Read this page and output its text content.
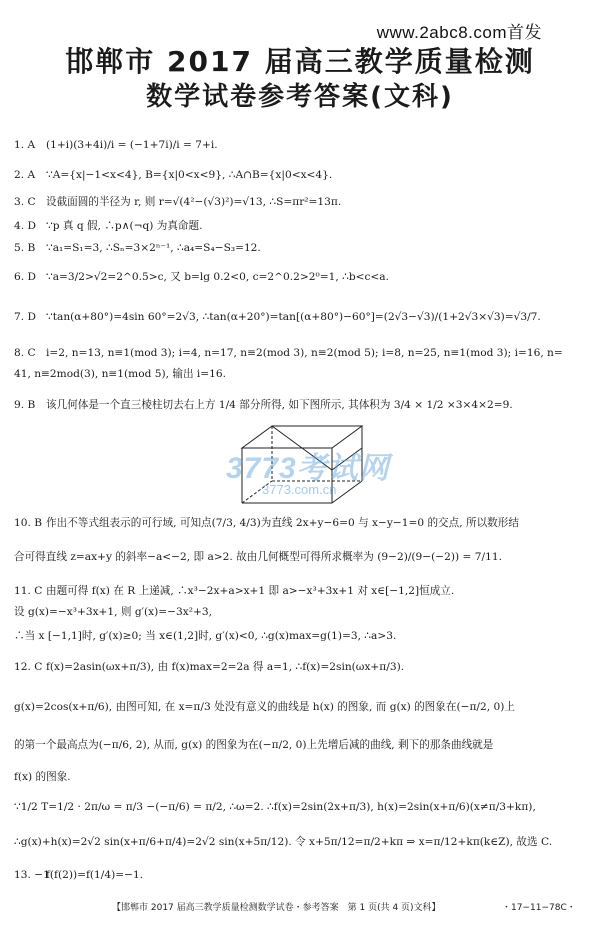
www.2abc8.com首发
邯郸市 2017 届高三教学质量检测
数学试卷参考答案(文科)
1. A (1+i)(3+4i)/i = (−1+7i)/i = 7+i.
2. A ∵A={x|−1<x<4}, B={x|0<x<9}, ∴A∩B={x|0<x<4}.
3. C 设截面圆的半径为 r, 则 r=√(4²−(√3)²)=√13, ∴S=πr²=13π.
4. D ∵p 真 q 假, ∴p∧(¬q) 为真命题.
5. B ∵a₁=S₁=3, ∴Sₙ=3×2ⁿ⁻¹, ∴a₄=S₄−S₃=12.
6. D ∵a=3/2>√2=2^0.5>c, 又 b=lg 0.2<0, c=2^0.2>2⁰=1, ∴b<c<a.
7. D ∵tan(α+80°)=4sin 60°=2√3, ∴tan(α+20°)=tan[(α+80°)−60°]=(2√3−√3)/(1+2√3×√3)=√3/7.
8. C i=2, n=13, n≡1(mod 3); i=4, n=17, n≡2(mod 3), n≡2(mod 5); i=8, n=25, n≡1(mod 3); i=16, n=
41, n≡2mod(3), n≡1(mod 5), 输出 i=16.
9. B 该几何体是一个直三棱柱切去右上方 1/4 部分所得, 如下图所示, 其体积为 3/4 × 1/2 ×3×4×2=9.
3773考试网
3773.com.cn
10. B 作出不等式组表示的可行域, 可知点(7/3, 4/3)为直线 2x+y−6=0 与 x−y−1=0 的交点, 所以数形结
合可得直线 z=ax+y 的斜率−a<−2, 即 a>2. 故由几何概型可得所求概率为 (9−2)/(9−(−2)) = 7/11.
11. C 由题可得 f(x) 在 R 上递减, ∴x³−2x+a>x+1 即 a>−x³+3x+1 对 x∈[−1,2]恒成立.
设 g(x)=−x³+3x+1, 则 g′(x)=−3x²+3,
∴当 x [−1,1]时, g′(x)≥0; 当 x∈(1,2]时, g′(x)<0, ∴g(x)max=g(1)=3, ∴a>3.
12. C f(x)=2asin(ωx+π/3), 由 f(x)max=2=2a 得 a=1, ∴f(x)=2sin(ωx+π/3).
g(x)=2cos(x+π/6), 由图可知, 在 x=π/3 处没有意义的曲线是 h(x) 的图象, 而 g(x) 的图象在(−π/2, 0)上
的第一个最高点为(−π/6, 2), 从而, g(x) 的图象为在(−π/2, 0)上先增后减的曲线, 剩下的那条曲线就是
f(x) 的图象.
∵1/2 T=1/2 · 2π/ω = π/3 −(−π/6) = π/2, ∴ω=2. ∴f(x)=2sin(2x+π/3), h(x)=2sin(x+π/6)(x≠π/3+kπ),
∴g(x)+h(x)=2√2 sin(x+π/6+π/4)=2√2 sin(x+5π/12). 令 x+5π/12=π/2+kπ ⇒ x=π/12+kπ(k∈Z), 故选 C.
13. −1f(f(2))=f(1/4)=−1.
【邯郸市 2017 届高三教学质量检测数学试卷・参考答案　第 1 页(共 4 页)文科】	・17−11−78C・
